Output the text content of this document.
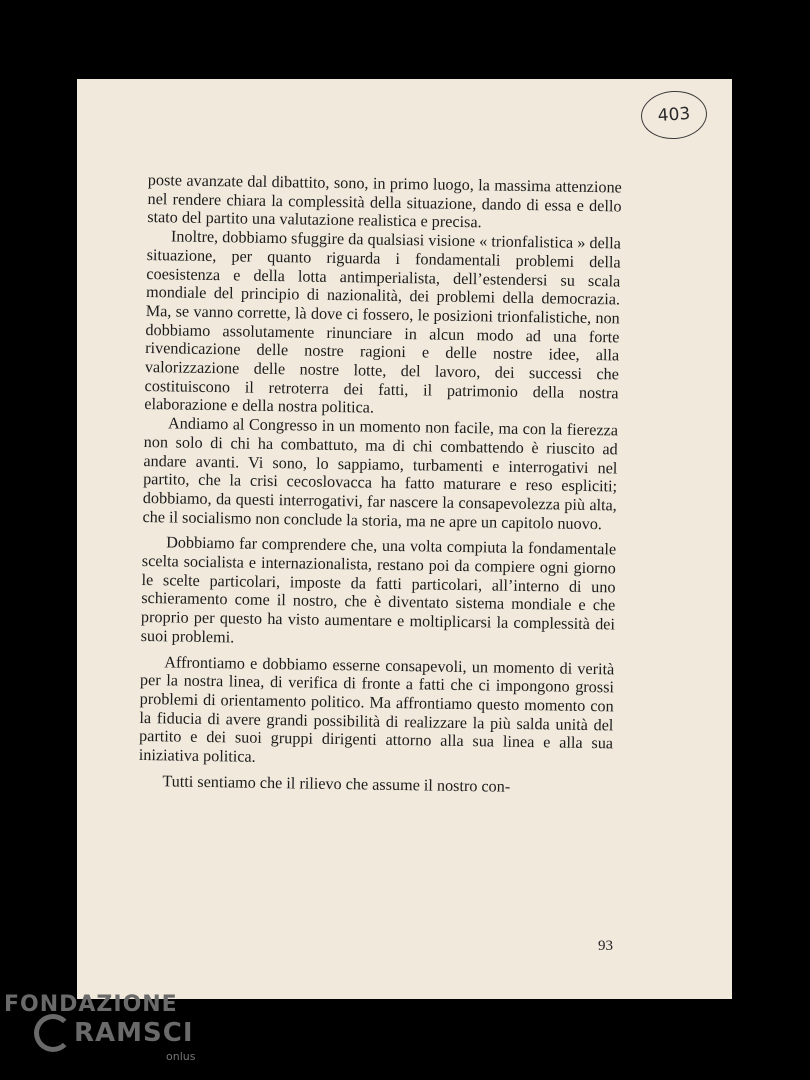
403

poste avanzate dal dibattito, sono, in primo luogo, la massima attenzione nel rendere chiara la complessità della situazione, dando di essa e dello stato del partito una valutazione realistica e precisa.

Inoltre, dobbiamo sfuggire da qualsiasi visione « trionfalistica » della situazione, per quanto riguarda i fondamentali problemi della coesistenza e della lotta antimperialista, dell’estendersi su scala mondiale del principio di nazionalità, dei problemi della democrazia. Ma, se vanno corrette, là dove ci fossero, le posizioni trionfalistiche, non dobbiamo assolutamente rinunciare in alcun modo ad una forte rivendicazione delle nostre ragioni e delle nostre idee, alla valorizzazione delle nostre lotte, del lavoro, dei successi che costituiscono il retroterra dei fatti, il patrimonio della nostra elaborazione e della nostra politica.

Andiamo al Congresso in un momento non facile, ma con la fierezza non solo di chi ha combattuto, ma di chi combattendo è riuscito ad andare avanti. Vi sono, lo sappiamo, turbamenti e interrogativi nel partito, che la crisi cecoslovacca ha fatto maturare e reso espliciti; dobbiamo, da questi interrogativi, far nascere la consapevolezza più alta, che il socialismo non conclude la storia, ma ne apre un capitolo nuovo.

Dobbiamo far comprendere che, una volta compiuta la fondamentale scelta socialista e internazionalista, restano poi da compiere ogni giorno le scelte particolari, imposte da fatti particolari, all’interno di uno schieramento come il nostro, che è diventato sistema mondiale e che proprio per questo ha visto aumentare e moltiplicarsi la complessità dei suoi problemi.

Affrontiamo e dobbiamo esserne consapevoli, un momento di verità per la nostra linea, di verifica di fronte a fatti che ci impongono grossi problemi di orientamento politico. Ma affrontiamo questo momento con la fiducia di avere grandi possibilità di realizzare la più salda unità del partito e dei suoi gruppi dirigenti attorno alla sua linea e alla sua iniziativa politica.

Tutti sentiamo che il rilievo che assume il nostro con-

93
FONDAZIONE
RAMSCI
onlus
